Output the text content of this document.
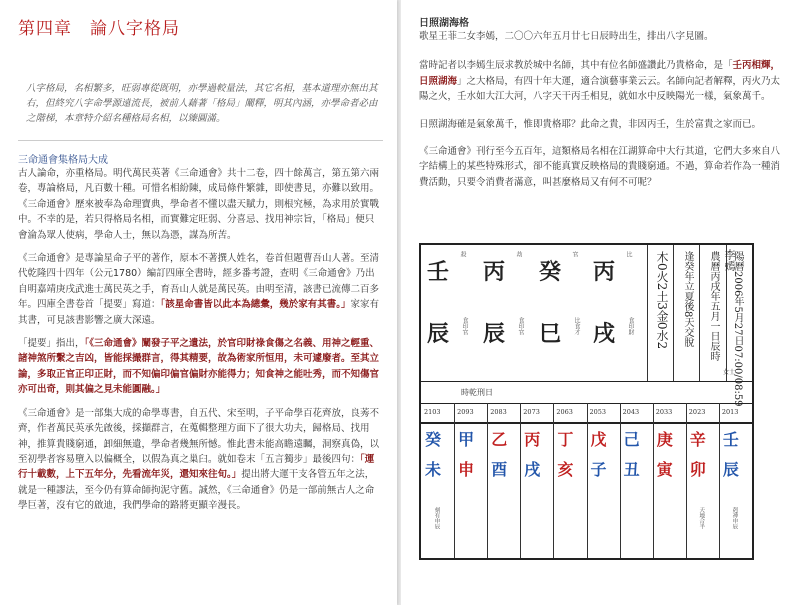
第四章　論八字格局
八字格局，名相繁多，旺弱專從既明，亦學過較量法，其它名相，基本道理亦無出其右，但終究八字命學源遠流長，被前人藉著「格局」闡釋，明其內涵，亦學命者必由之階梯，本章特介紹名種格局名相，以臻圓滿。
三命通會集格局大成

古人論命，亦重格局。明代萬民英著《三命通會》共十二卷，四十餘萬言，第五第六兩卷，專論格局，凡百數十種。可惜名相紛陳，成局條件繁雜，即使書見，亦難以致用。《三命通會》歷來被奉為命理寶典，學命者不懂以盡天賦力，則根究極，為求用於實戰中。不幸的是，若只得格局名相，而實難定旺弱、分喜忌、找用神宗旨，「格局」便只會淪為眾人使病，學命人士，無以為憑，謀為所苦。

《三命通會》是專論星命子平的著作，原本不著撰人姓名，卷首但題曹吾山人著。至清代乾隆四十四年（公元1780）編訂四庫全書時，經多番考證，查明《三命通會》乃出自明嘉靖庚戌武進士萬民英之手，育吾山人就是萬民英。由明至清，該書已流傳二百多年。四庫全書卷首「提要」寫道：「該星命書皆以此本為總彙，幾於家有其書。」家家有其書，可見該書影響之廣大深遠。

「提要」指出，「《三命通會》闡發子平之遺法，於官印財祿食傷之名義、用神之輕重、諸神煞所繫之吉凶，皆能採撮群言，得其精要，故為術家所恒用，未可遽廢者。至其立論，多取正官正印正財，而不知偏印偏官偏財亦能得力；知食神之能吐秀，而不知傷官亦可出奇，則其偏之見未能圓融。」

《三命通會》是一部集大成的命學專書，自五代、宋至明，子平命學百花齊放，良莠不齊，作者萬民英承先啟後，採擷群言，在蒐輯整理方面下了很大功夫，歸格局、找用神，推算貴賤窮通，卸細無遺，學命者幾無所憾。惟此書未能高瞻遠矚，洞察真偽，以至初學者容易墮入以偏概全，以假為真之巢臼。就如卷末「五言獨步」最後四句：「運行十載數，上下五年分，先看流年災，還知來往旬。」提出將大運干支各管五年之法，就是一種謬法，至今仍有算命師拘泥守舊。誠然，《三命通會》仍是一部前無古人之命學巨著，沒有它的啟迪，我們學命的路將更顯辛漫長。

日照湖海格

歌星王菲二女李嫣，二〇〇六年五月廿七日辰時出生，排出八字見圖。

當時記者以李嫣生辰求教於城中名師，其中有位名師盛讚此乃貴格命，是「壬丙相輝，日照湖海」之大格局，有四十年大運，適合演藝事業云云。名師向記者解釋，丙火乃太陽之火，壬水如大江大河，八字天干丙壬相見，就如水中反映陽光一樣，氣象萬千。

日照湖海確是氣象萬千，惟即貴格耶？此命之貴，非因丙壬，生於富貴之家而已。

《三命通會》刊行至今五百年，這類格局名相在江湖算命中大行其道，它們大多來自八字結構上的某些特殊形式，卻不能真實反映格局的貴賤窮通。不過，算命若作為一種消費活動，只要令消費者滿意，叫甚麼格局又有何不可呢？

壬
殺
丙
劫
癸
官
丙
比
辰 食印官 辰 食印官 巳 比食才 戌 食印財 木0火2土3金0水2 逢癸年立夏後8天交脫 農曆丙戌年五月一日辰時 陽曆2006年5月27日07:00/08:59
李嫣
女士
時乾刑日
2103
癸
未
刻有申辰
2093
甲
申
2083
乙
酉
2073
丙
戌
2063
丁
亥
2053
戊
子
2043
己
丑
2033
庚
寅
2023
辛
卯
天地合半
2013
壬
辰
剋神申辰
